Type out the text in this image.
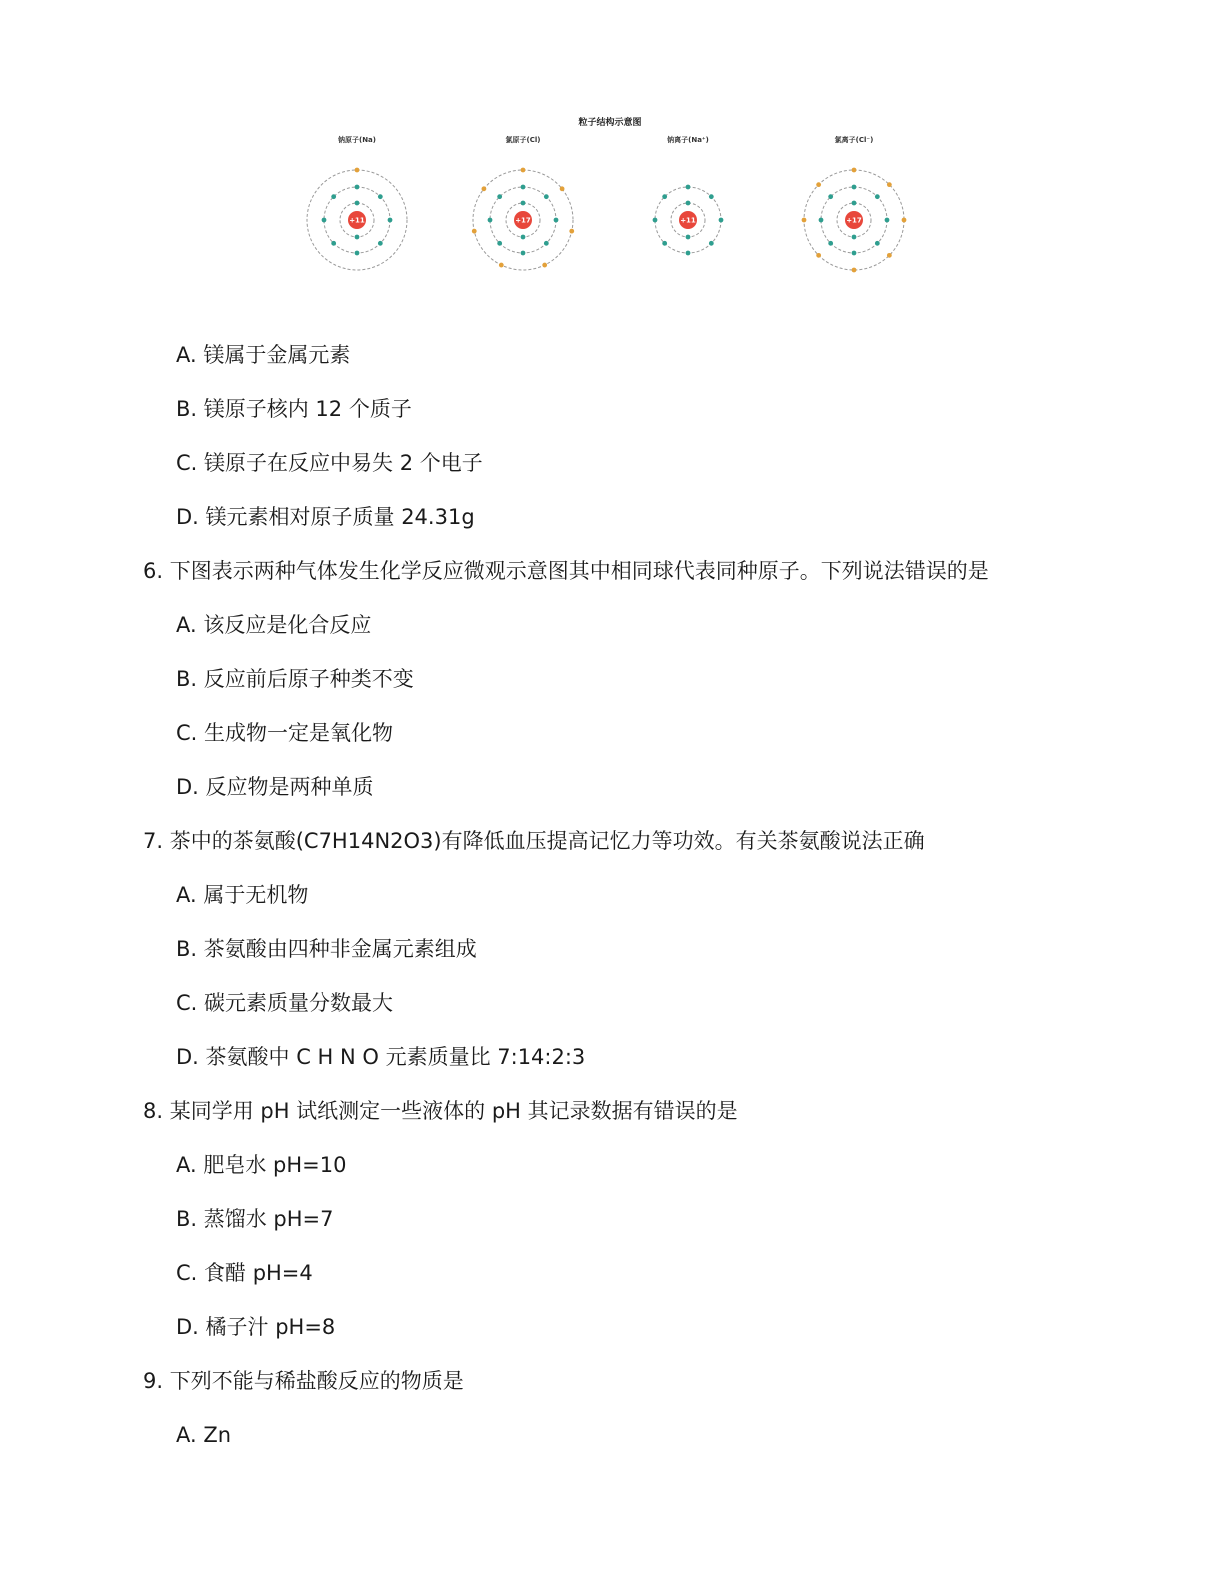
粒子结构示意图
钠原子(Na)
+11
氯原子(Cl)
+17
钠离子(Na⁺)
+11
氯离子(Cl⁻)
+17
A. 镁属于金属元素
B. 镁原子核内 12 个质子
C. 镁原子在反应中易失 2 个电子
D. 镁元素相对原子质量 24.31g
6. 下图表示两种气体发生化学反应微观示意图其中相同球代表同种原子。下列说法错误的是
A. 该反应是化合反应
B. 反应前后原子种类不变
C. 生成物一定是氧化物
D. 反应物是两种单质
7. 茶中的茶氨酸(C7H14N2O3)有降低血压提高记忆力等功效。有关茶氨酸说法正确
A. 属于无机物
B. 茶氨酸由四种非金属元素组成
C. 碳元素质量分数最大
D. 茶氨酸中 C H N O 元素质量比 7:14:2:3
8. 某同学用 pH 试纸测定一些液体的 pH 其记录数据有错误的是
A. 肥皂水 pH=10
B. 蒸馏水 pH=7
C. 食醋 pH=4
D. 橘子汁 pH=8
9. 下列不能与稀盐酸反应的物质是
A. Zn
